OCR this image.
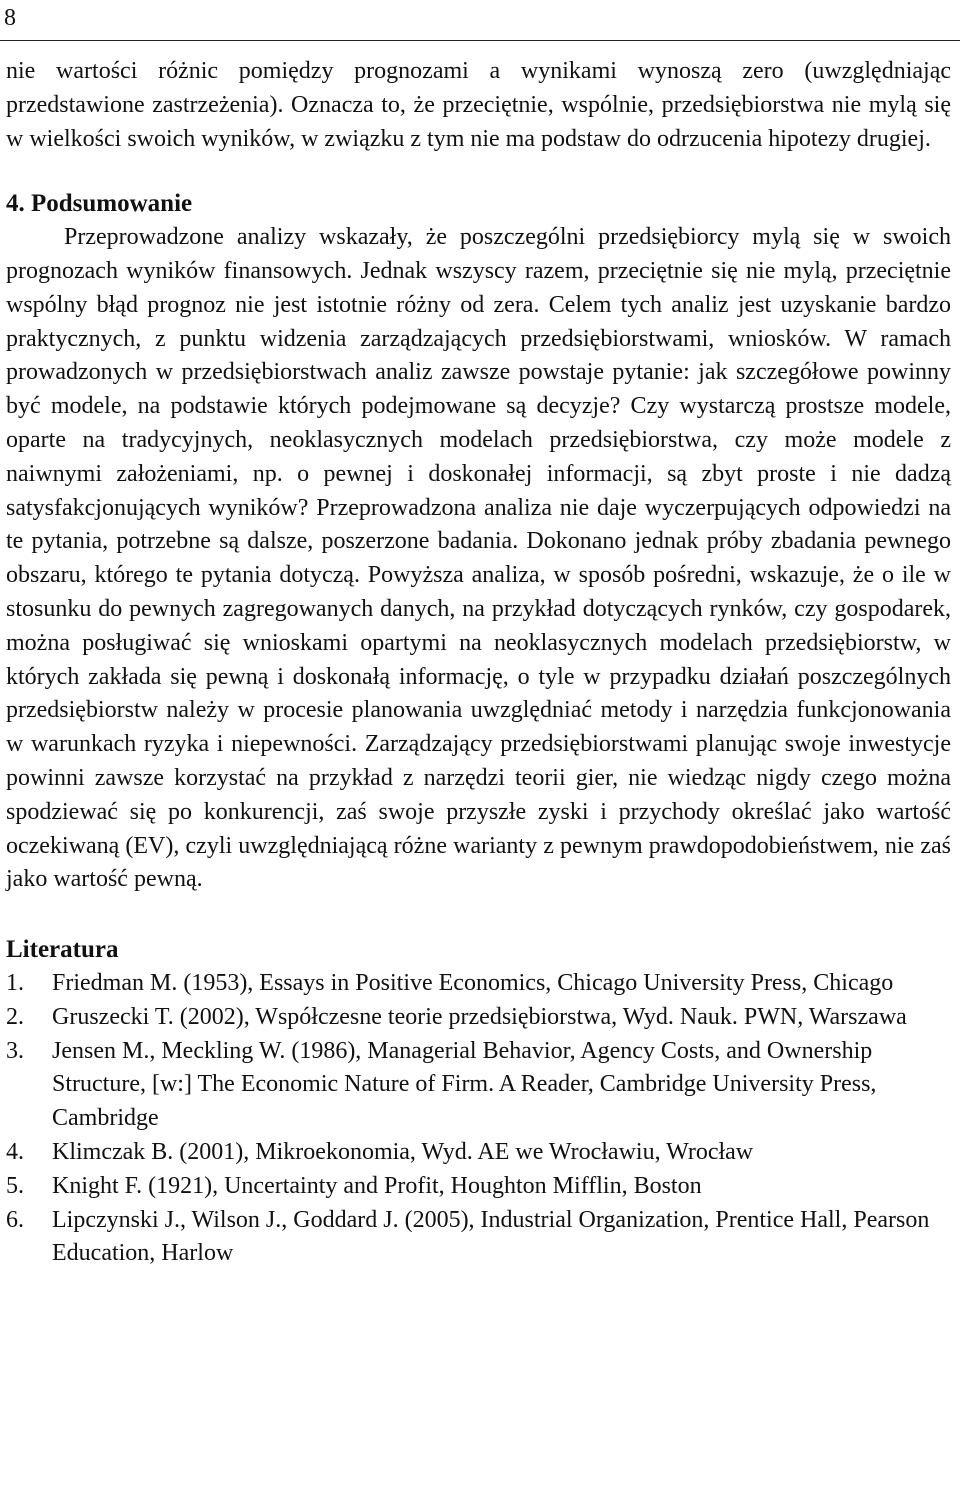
8

nie wartości różnic pomiędzy prognozami a wynikami wynoszą zero (uwzględniając przedstawione zastrzeżenia). Oznacza to, że przeciętnie, wspólnie, przedsiębiorstwa nie mylą się w wielkości swoich wyników, w związku z tym nie ma podstaw do odrzucenia hipotezy drugiej.

4. Podsumowanie

Przeprowadzone analizy wskazały, że poszczególni przedsiębiorcy mylą się w swoich prognozach wyników finansowych. Jednak wszyscy razem, przeciętnie się nie mylą, przeciętnie wspólny błąd prognoz nie jest istotnie różny od zera. Celem tych analiz jest uzyskanie bardzo praktycznych, z punktu widzenia zarządzających przedsiębiorstwami, wniosków. W ramach prowadzonych w przedsiębiorstwach analiz zawsze powstaje pytanie: jak szczegółowe powinny być modele, na podstawie których podejmowane są decyzje? Czy wystarczą prostsze modele, oparte na tradycyjnych, neoklasycznych modelach przedsiębiorstwa, czy może modele z naiwnymi założeniami, np. o pewnej i doskonałej informacji, są zbyt proste i nie dadzą satysfakcjonujących wyników? Przeprowadzona analiza nie daje wyczerpujących odpowiedzi na te pytania, potrzebne są dalsze, poszerzone badania. Dokonano jednak próby zbadania pewnego obszaru, którego te pytania dotyczą. Powyższa analiza, w sposób pośredni, wskazuje, że o ile w stosunku do pewnych zagregowanych danych, na przykład dotyczących rynków, czy gospodarek, można posługiwać się wnioskami opartymi na neoklasycznych modelach przedsiębiorstw, w których zakłada się pewną i doskonałą informację, o tyle w przypadku działań poszczególnych przedsiębiorstw należy w procesie planowania uwzględniać metody i narzędzia funkcjonowania w warunkach ryzyka i niepewności. Zarządzający przedsiębiorstwami planując swoje inwestycje powinni zawsze korzystać na przykład z narzędzi teorii gier, nie wiedząc nigdy czego można spodziewać się po konkurencji, zaś swoje przyszłe zyski i przychody określać jako wartość oczekiwaną (EV), czyli uwzględniającą różne warianty z pewnym prawdopodobieństwem, nie zaś jako wartość pewną.

Literatura
1. Friedman M. (1953), Essays in Positive Economics, Chicago University Press, Chicago
2. Gruszecki T. (2002), Współczesne teorie przedsiębiorstwa, Wyd. Nauk. PWN, Warszawa
3. Jensen M., Meckling W. (1986), Managerial Behavior, Agency Costs, and Ownership Structure, [w:] The Economic Nature of Firm. A Reader, Cambridge University Press, Cambridge
4. Klimczak B. (2001), Mikroekonomia, Wyd. AE we Wrocławiu, Wrocław
5. Knight F. (1921), Uncertainty and Profit, Houghton Mifflin, Boston
6. Lipczynski J., Wilson J., Goddard J. (2005), Industrial Organization, Prentice Hall, Pearson Education, Harlow
